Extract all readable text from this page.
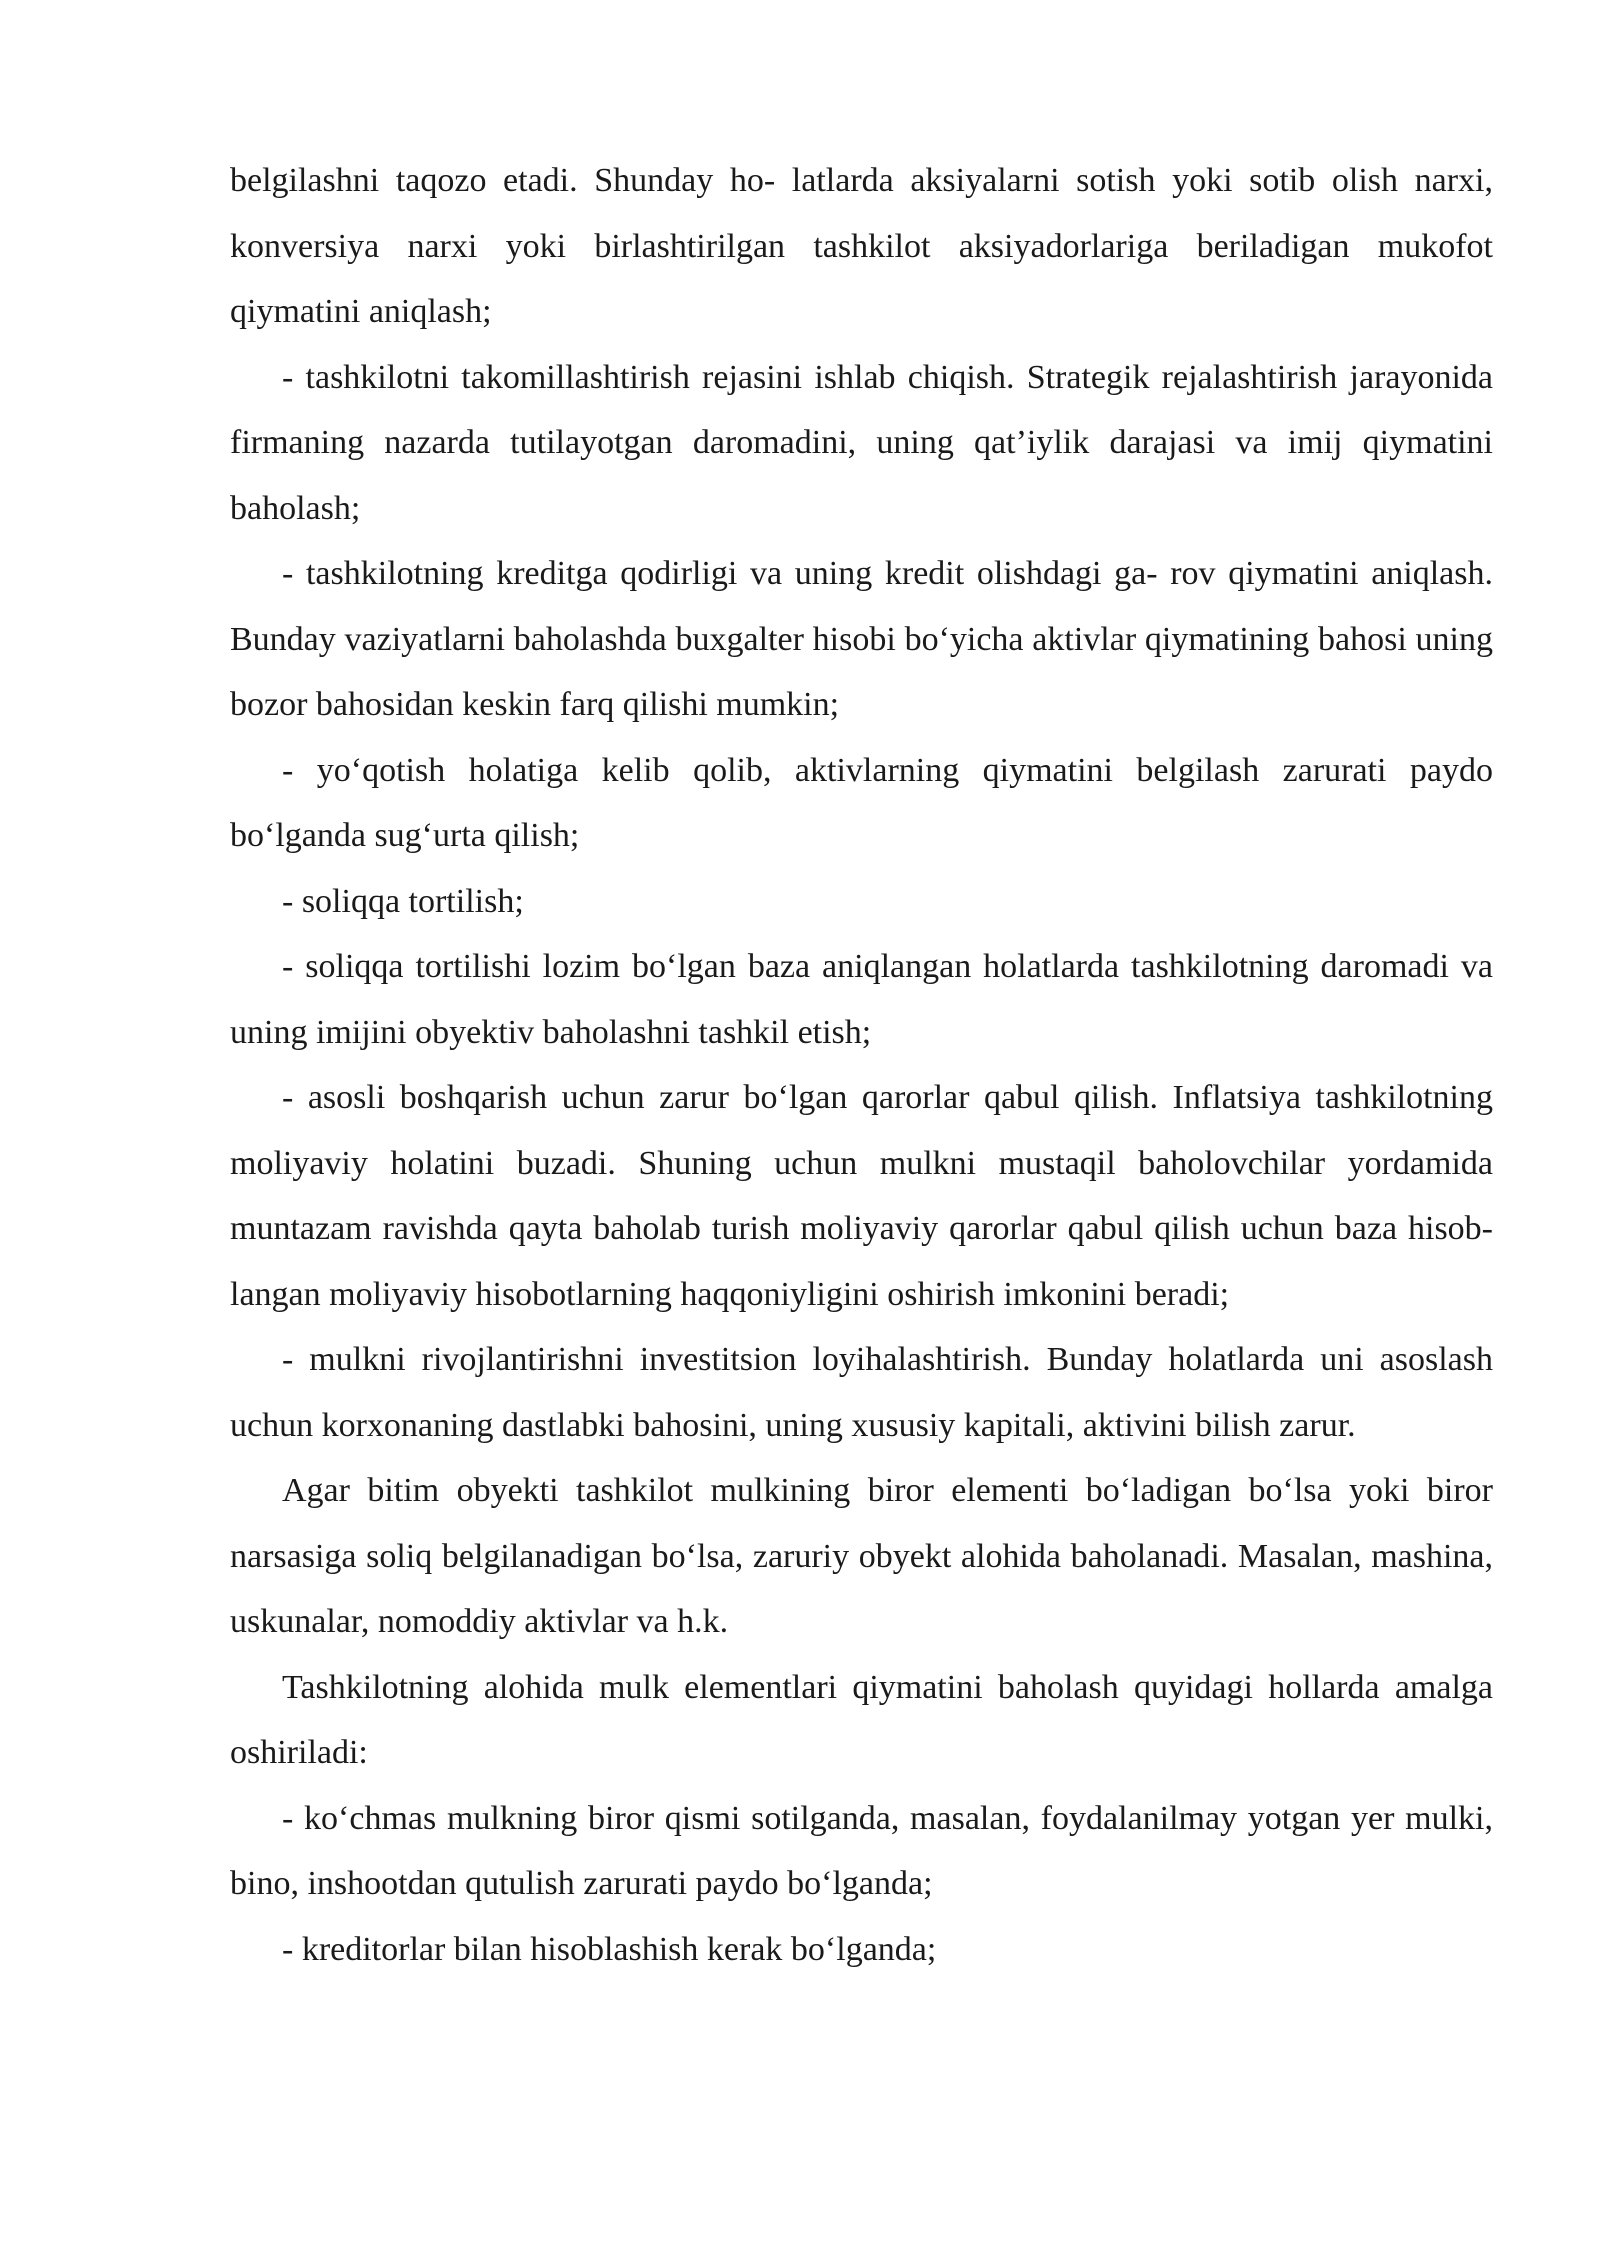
belgilashni taqozo etadi. Shunday ho- latlarda aksiyalarni sotish yoki sotib olish narxi, konversiya narxi yoki birlashtirilgan tashkilot aksiyadorlariga beriladigan mukofot qiymatini aniqlash;

- tashkilotni takomillashtirish rejasini ishlab chiqish. Strategik rejalashtirish jarayonida firmaning nazarda tutilayotgan daromadini, uning qat’iylik darajasi va imij qiymatini baholash;

- tashkilotning kreditga qodirligi va uning kredit olishdagi ga- rov qiymatini aniqlash. Bunday vaziyatlarni baholashda buxgalter hisobi bo‘yicha aktivlar qiymatining bahosi uning bozor bahosidan keskin farq qilishi mumkin;

- yo‘qotish holatiga kelib qolib, aktivlarning qiymatini belgilash zarurati paydo bo‘lganda sug‘urta qilish;

- soliqqa tortilish;

- soliqqa tortilishi lozim bo‘lgan baza aniqlangan holatlarda tashkilotning daromadi va uning imijini obyektiv baholashni tashkil etish;

- asosli boshqarish uchun zarur bo‘lgan qarorlar qabul qilish. Inflatsiya tashkilotning moliyaviy holatini buzadi. Shuning uchun mulkni mustaqil baholovchilar yordamida muntazam ravishda qayta baholab turish moliyaviy qarorlar qabul qilish uchun baza hisob- langan moliyaviy hisobotlarning haqqoniyligini oshirish imkonini beradi;

- mulkni rivojlantirishni investitsion loyihalashtirish. Bunday holatlarda uni asoslash uchun korxonaning dastlabki bahosini, uning xususiy kapitali, aktivini bilish zarur.

Agar bitim obyekti tashkilot mulkining biror elementi bo‘ladigan bo‘lsa yoki biror narsasiga soliq belgilanadigan bo‘lsa, zaruriy obyekt alohida baholanadi. Masalan, mashina, uskunalar, nomoddiy aktivlar va h.k.

Tashkilotning alohida mulk elementlari qiymatini baholash quyidagi hollarda amalga oshiriladi:

- ko‘chmas mulkning biror qismi sotilganda, masalan, foydalanilmay yotgan yer mulki, bino, inshootdan qutulish zarurati paydo bo‘lganda;

- kreditorlar bilan hisoblashish kerak bo‘lganda;
